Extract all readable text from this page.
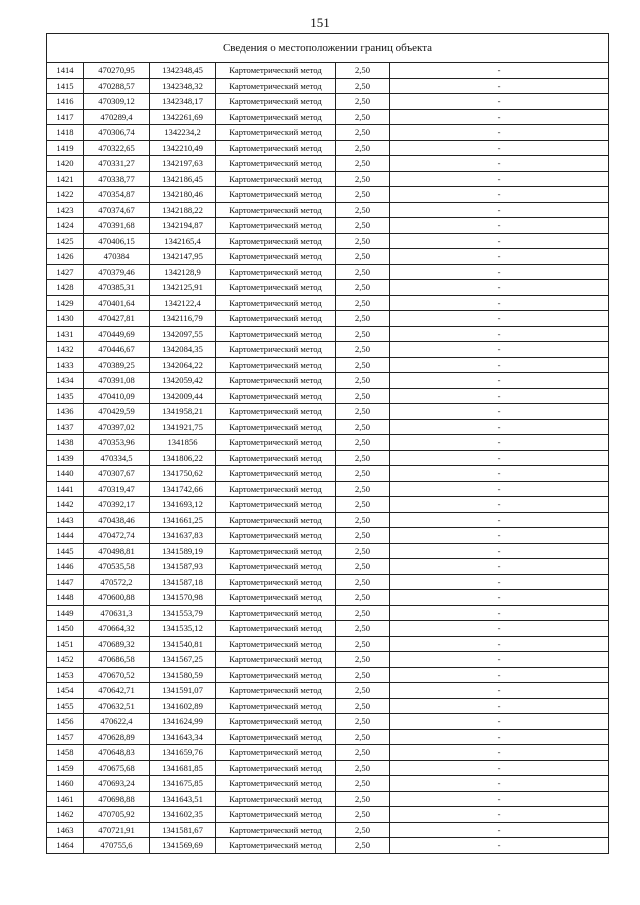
151
Сведения о местоположении границ объекта					
1414	470270,95	1342348,45	Картометрический метод	2,50	-
1415	470288,57	1342348,32	Картометрический метод	2,50	-
1416	470309,12	1342348,17	Картометрический метод	2,50	-
1417	470289,4	1342261,69	Картометрический метод	2,50	-
1418	470306,74	1342234,2	Картометрический метод	2,50	-
1419	470322,65	1342210,49	Картометрический метод	2,50	-
1420	470331,27	1342197,63	Картометрический метод	2,50	-
1421	470338,77	1342186,45	Картометрический метод	2,50	-
1422	470354,87	1342180,46	Картометрический метод	2,50	-
1423	470374,67	1342188,22	Картометрический метод	2,50	-
1424	470391,68	1342194,87	Картометрический метод	2,50	-
1425	470406,15	1342165,4	Картометрический метод	2,50	-
1426	470384	1342147,95	Картометрический метод	2,50	-
1427	470379,46	1342128,9	Картометрический метод	2,50	-
1428	470385,31	1342125,91	Картометрический метод	2,50	-
1429	470401,64	1342122,4	Картометрический метод	2,50	-
1430	470427,81	1342116,79	Картометрический метод	2,50	-
1431	470449,69	1342097,55	Картометрический метод	2,50	-
1432	470446,67	1342084,35	Картометрический метод	2,50	-
1433	470389,25	1342064,22	Картометрический метод	2,50	-
1434	470391,08	1342059,42	Картометрический метод	2,50	-
1435	470410,09	1342009,44	Картометрический метод	2,50	-
1436	470429,59	1341958,21	Картометрический метод	2,50	-
1437	470397,02	1341921,75	Картометрический метод	2,50	-
1438	470353,96	1341856	Картометрический метод	2,50	-
1439	470334,5	1341806,22	Картометрический метод	2,50	-
1440	470307,67	1341750,62	Картометрический метод	2,50	-
1441	470319,47	1341742,66	Картометрический метод	2,50	-
1442	470392,17	1341693,12	Картометрический метод	2,50	-
1443	470438,46	1341661,25	Картометрический метод	2,50	-
1444	470472,74	1341637,83	Картометрический метод	2,50	-
1445	470498,81	1341589,19	Картометрический метод	2,50	-
1446	470535,58	1341587,93	Картометрический метод	2,50	-
1447	470572,2	1341587,18	Картометрический метод	2,50	-
1448	470600,88	1341570,98	Картометрический метод	2,50	-
1449	470631,3	1341553,79	Картометрический метод	2,50	-
1450	470664,32	1341535,12	Картометрический метод	2,50	-
1451	470689,32	1341540,81	Картометрический метод	2,50	-
1452	470686,58	1341567,25	Картометрический метод	2,50	-
1453	470670,52	1341580,59	Картометрический метод	2,50	-
1454	470642,71	1341591,07	Картометрический метод	2,50	-
1455	470632,51	1341602,89	Картометрический метод	2,50	-
1456	470622,4	1341624,99	Картометрический метод	2,50	-
1457	470628,89	1341643,34	Картометрический метод	2,50	-
1458	470648,83	1341659,76	Картометрический метод	2,50	-
1459	470675,68	1341681,85	Картометрический метод	2,50	-
1460	470693,24	1341675,85	Картометрический метод	2,50	-
1461	470698,88	1341643,51	Картометрический метод	2,50	-
1462	470705,92	1341602,35	Картометрический метод	2,50	-
1463	470721,91	1341581,67	Картометрический метод	2,50	-
1464	470755,6	1341569,69	Картометрический метод	2,50	-
